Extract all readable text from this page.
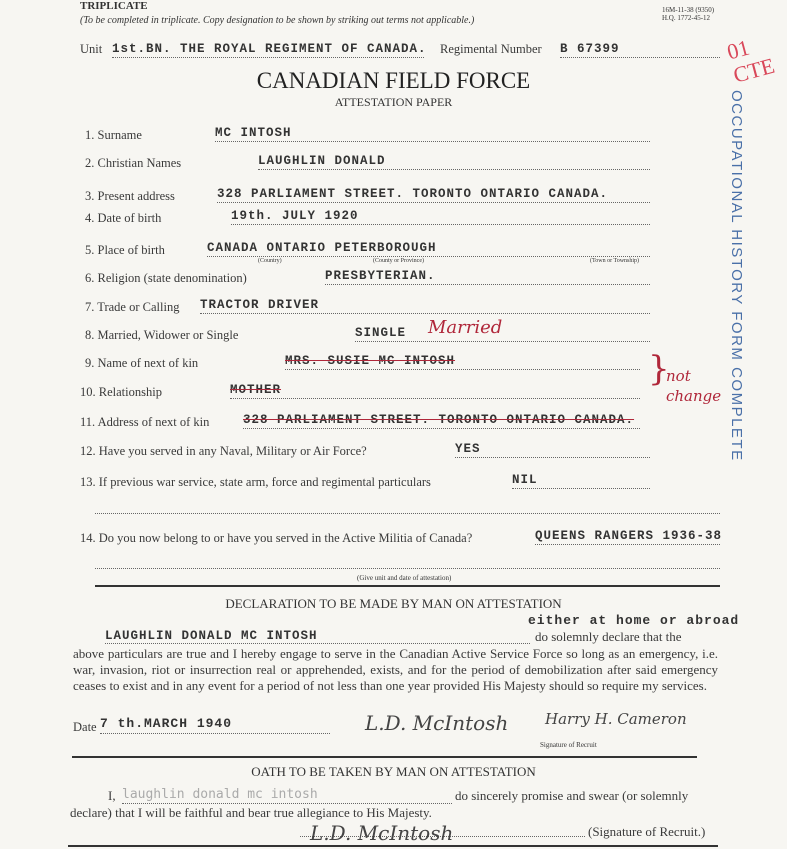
TRIPLICATE
(To be completed in triplicate. Copy designation to be shown by striking out terms not applicable.)
16M-11-38 (9350)
H.Q. 1772-45-12
Unit 1st.BN. THE ROYAL REGIMENT OF CANADA. Regimental Number B 67399
CANADIAN FIELD FORCE
ATTESTATION PAPER
1. Surname	MC INTOSH
2. Christian Names	LAUGHLIN DONALD
3. Present address	328 PARLIAMENT STREET. TORONTO ONTARIO CANADA.
4. Date of birth	19th. JULY 1920
5. Place of birth	CANADA ONTARIO PETERBOROUGH
6. Religion (state denomination)	PRESBYTERIAN.
7. Trade or Calling TRACTOR DRIVER
8. Married, Widower or Single	SINGLE
9. Name of next of kin	MRS. SUSIE MC INTOSH
10. Relationship	MOTHER
11. Address of next of kin	328 PARLIAMENT STREET. TORONTO ONTARIO CANADA.
12. Have you served in any Naval, Military or Air Force?	YES
13. If previous war service, state arm, force and regimental particulars	NIL
14. Do you now belong to or have you served in the Active Militia of Canada?	QUEENS RANGERS 1936-38
(Country)	(County or Province)	(Town or Township)
(Give unit and date of attestation)
Married
}
not change
01 CTE
OCCUPATIONAL HISTORY FORM COMPLETE
DECLARATION TO BE MADE BY MAN ON ATTESTATION
either at home or abroad
LAUGHLIN DONALD MC INTOSH	do solemnly declare that the
above particulars are true and I hereby engage to serve in the Canadian Active Service Force so long as an emergency, i.e. war, invasion, riot or insurrection real or apprehended, exists, and for the period of demobilization after said emergency ceases to exist and in any event for a period of not less than one year provided His Majesty should so require my services.
Date 7 th.MARCH 1940	L.D. McIntosh Harry H. Cameron
Signature of Recruit
OATH TO BE TAKEN BY MAN ON ATTESTATION
I, laughlin donald mc intosh	do sincerely promise and swear (or solemnly
declare) that I will be faithful and bear true allegiance to His Majesty.
L.D. McIntosh	(Signature of Recruit.)
